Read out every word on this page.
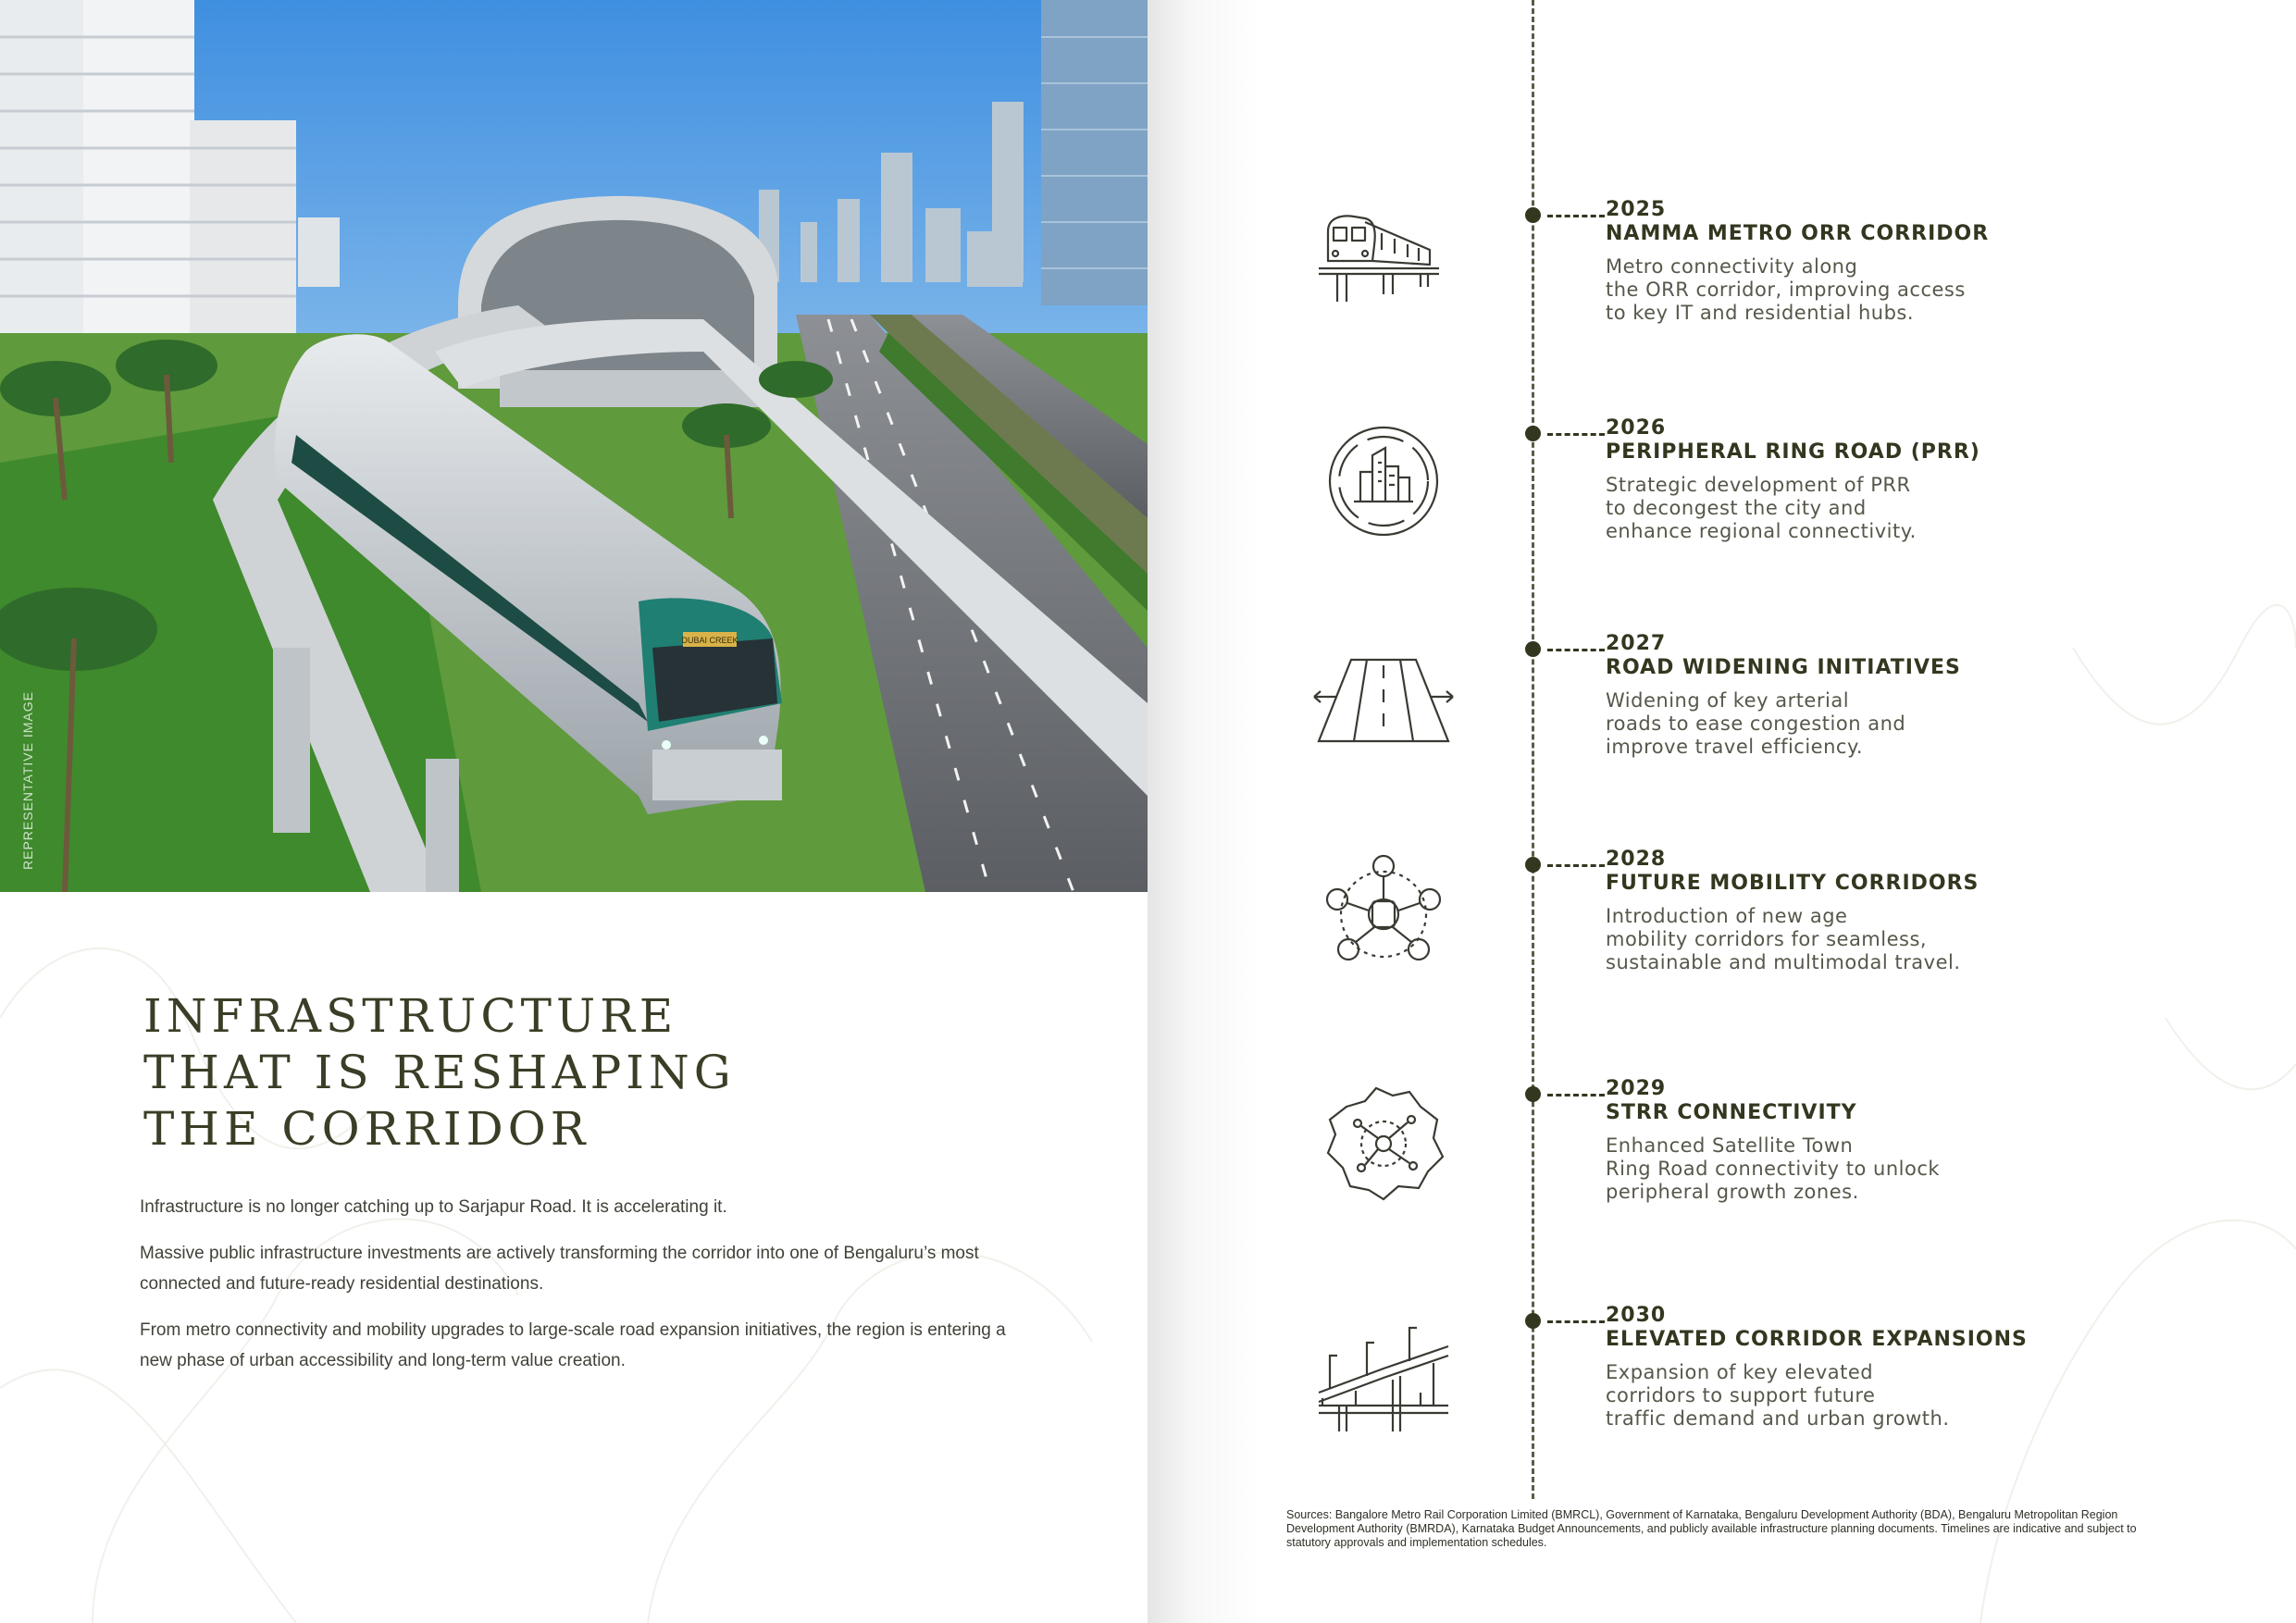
DUBAI CREEK
REPRESENTATIVE IMAGE
INFRASTRUCTURE
THAT IS RESHAPING
THE CORRIDOR

Infrastructure is no longer catching up to Sarjapur Road. It is accelerating it.

Massive public infrastructure investments are actively transforming the corridor into one of Bengaluru’s most connected and future-ready residential destinations.

From metro connectivity and mobility upgrades to large-scale road expansion initiatives, the region is entering a new phase of urban accessibility and long-term value creation.

2025
NAMMA METRO ORR CORRIDOR
Metro connectivity along
the ORR corridor, improving access
to key IT and residential hubs.
2026
PERIPHERAL RING ROAD (PRR)
Strategic development of PRR
to decongest the city and
enhance regional connectivity.
2027
ROAD WIDENING INITIATIVES
Widening of key arterial
roads to ease congestion and
improve travel efficiency.
2028
FUTURE MOBILITY CORRIDORS
Introduction of new age
mobility corridors for seamless,
sustainable and multimodal travel.
2029
STRR CONNECTIVITY
Enhanced Satellite Town
Ring Road connectivity to unlock
peripheral growth zones.
2030
ELEVATED CORRIDOR EXPANSIONS
Expansion of key elevated
corridors to support future
traffic demand and urban growth.
Sources: Bangalore Metro Rail Corporation Limited (BMRCL), Government of Karnataka, Bengaluru Development Authority (BDA), Bengaluru Metropolitan Region Development Authority (BMRDA), Karnataka Budget Announcements, and publicly available infrastructure planning documents. Timelines are indicative and subject to statutory approvals and implementation schedules.
